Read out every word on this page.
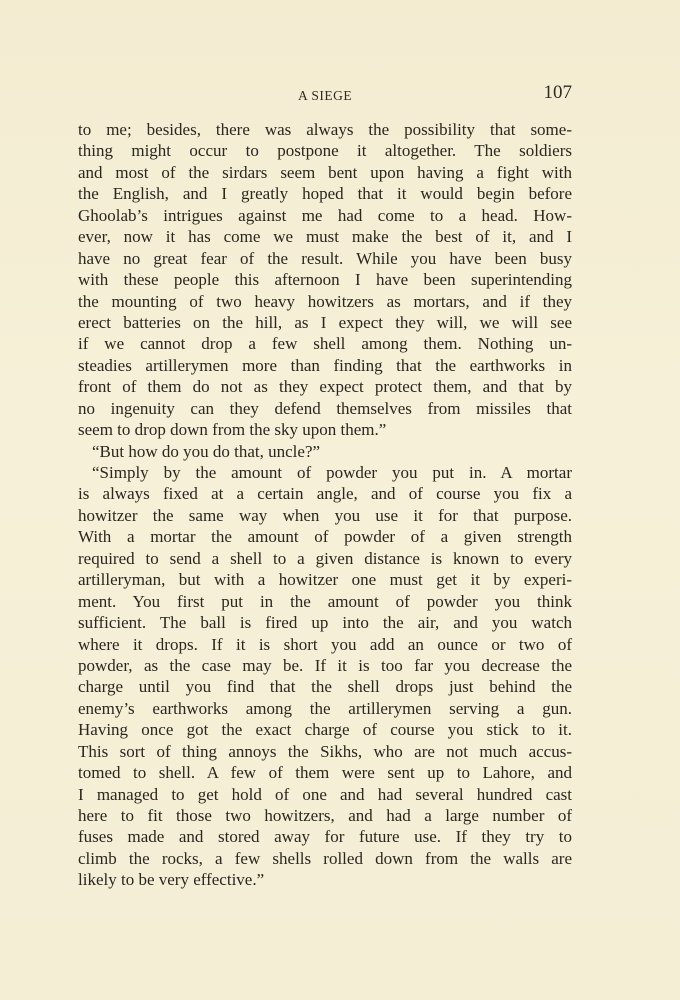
A SIEGE	107
to me; besides, there was always the possibility that some-
thing might occur to postpone it altogether. The soldiers
and most of the sirdars seem bent upon having a fight with
the English, and I greatly hoped that it would begin before
Ghoolab’s intrigues against me had come to a head. How-
ever, now it has come we must make the best of it, and I
have no great fear of the result. While you have been busy
with these people this afternoon I have been superintending
the mounting of two heavy howitzers as mortars, and if they
erect batteries on the hill, as I expect they will, we will see
if we cannot drop a few shell among them. Nothing un-
steadies artillerymen more than finding that the earthworks in
front of them do not as they expect protect them, and that by
no ingenuity can they defend themselves from missiles that
seem to drop down from the sky upon them.”
“But how do you do that, uncle?”
“Simply by the amount of powder you put in. A mortar
is always fixed at a certain angle, and of course you fix a
howitzer the same way when you use it for that purpose.
With a mortar the amount of powder of a given strength
required to send a shell to a given distance is known to every
artilleryman, but with a howitzer one must get it by experi-
ment. You first put in the amount of powder you think
sufficient. The ball is fired up into the air, and you watch
where it drops. If it is short you add an ounce or two of
powder, as the case may be. If it is too far you decrease the
charge until you find that the shell drops just behind the
enemy’s earthworks among the artillerymen serving a gun.
Having once got the exact charge of course you stick to it.
This sort of thing annoys the Sikhs, who are not much accus-
tomed to shell. A few of them were sent up to Lahore, and
I managed to get hold of one and had several hundred cast
here to fit those two howitzers, and had a large number of
fuses made and stored away for future use. If they try to
climb the rocks, a few shells rolled down from the walls are
likely to be very effective.”
